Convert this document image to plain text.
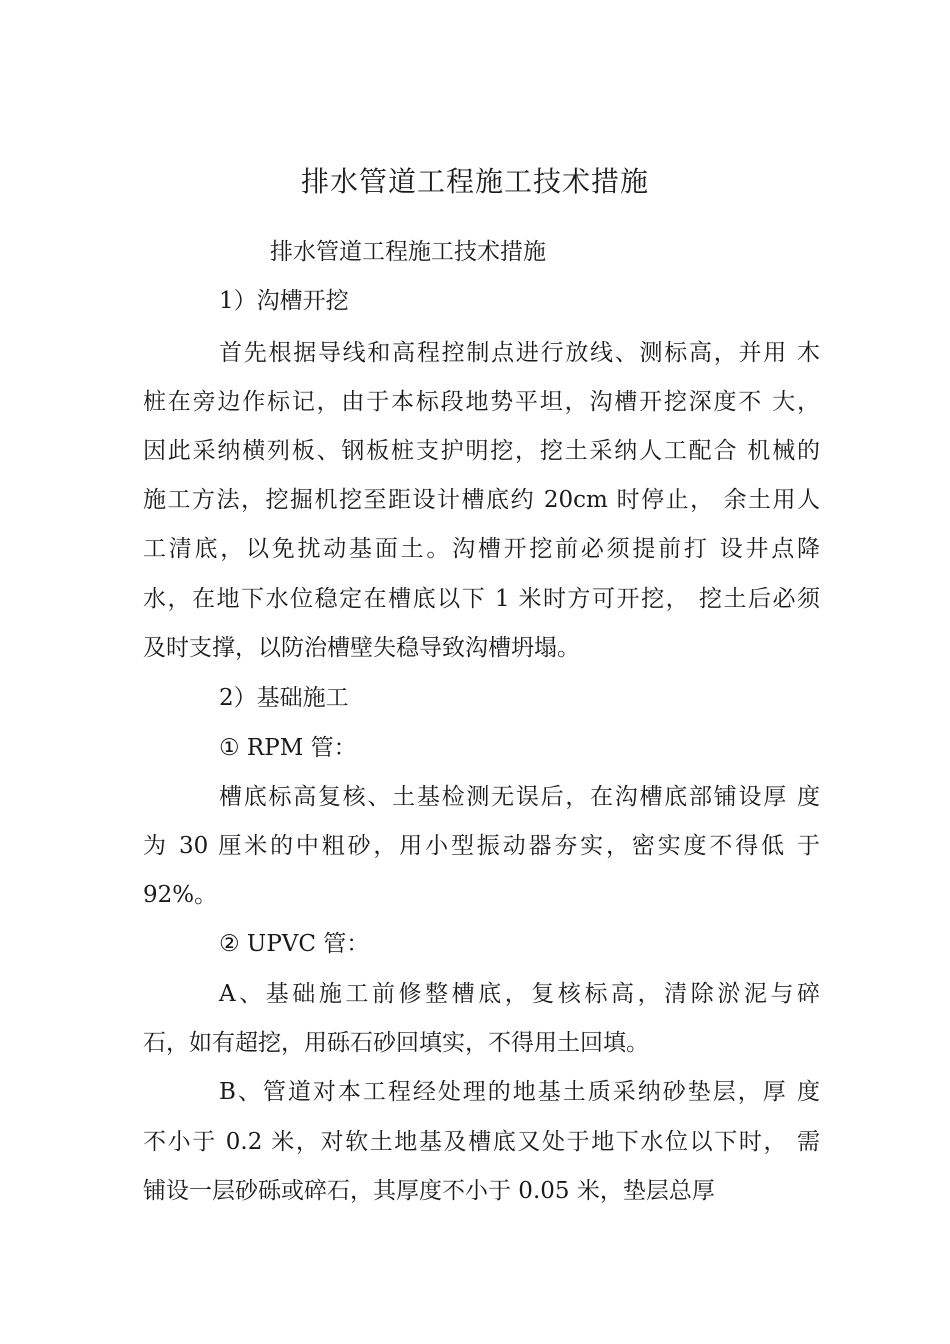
排水管道工程施工技术措施
排水管道工程施工技术措施
1）沟槽开挖
首先根据导线和高程控制点进行放线、测标高，并用 木
桩在旁边作标记，由于本标段地势平坦，沟槽开挖深度不 大，
因此采纳横列板、钢板桩支护明挖，挖土采纳人工配合 机械的
施工方法，挖掘机挖至距设计槽底约 20cm 时停止， 余土用人
工清底，以免扰动基面土。沟槽开挖前必须提前打 设井点降
水，在地下水位稳定在槽底以下 1 米时方可开挖， 挖土后必须
及时支撑，以防治槽壁失稳导致沟槽坍塌。
2）基础施工
① RPM 管：
槽底标高复核、土基检测无误后，在沟槽底部铺设厚 度
为 30 厘米的中粗砂，用小型振动器夯实，密实度不得低 于
92%。
② UPVC 管：
A、基础施工前修整槽底，复核标高，清除淤泥与碎
石，如有超挖，用砾石砂回填实，不得用土回填。
B、管道对本工程经处理的地基土质采纳砂垫层，厚 度
不小于 0.2 米，对软土地基及槽底又处于地下水位以下时， 需
铺设一层砂砾或碎石，其厚度不小于 0.05 米，垫层总厚
